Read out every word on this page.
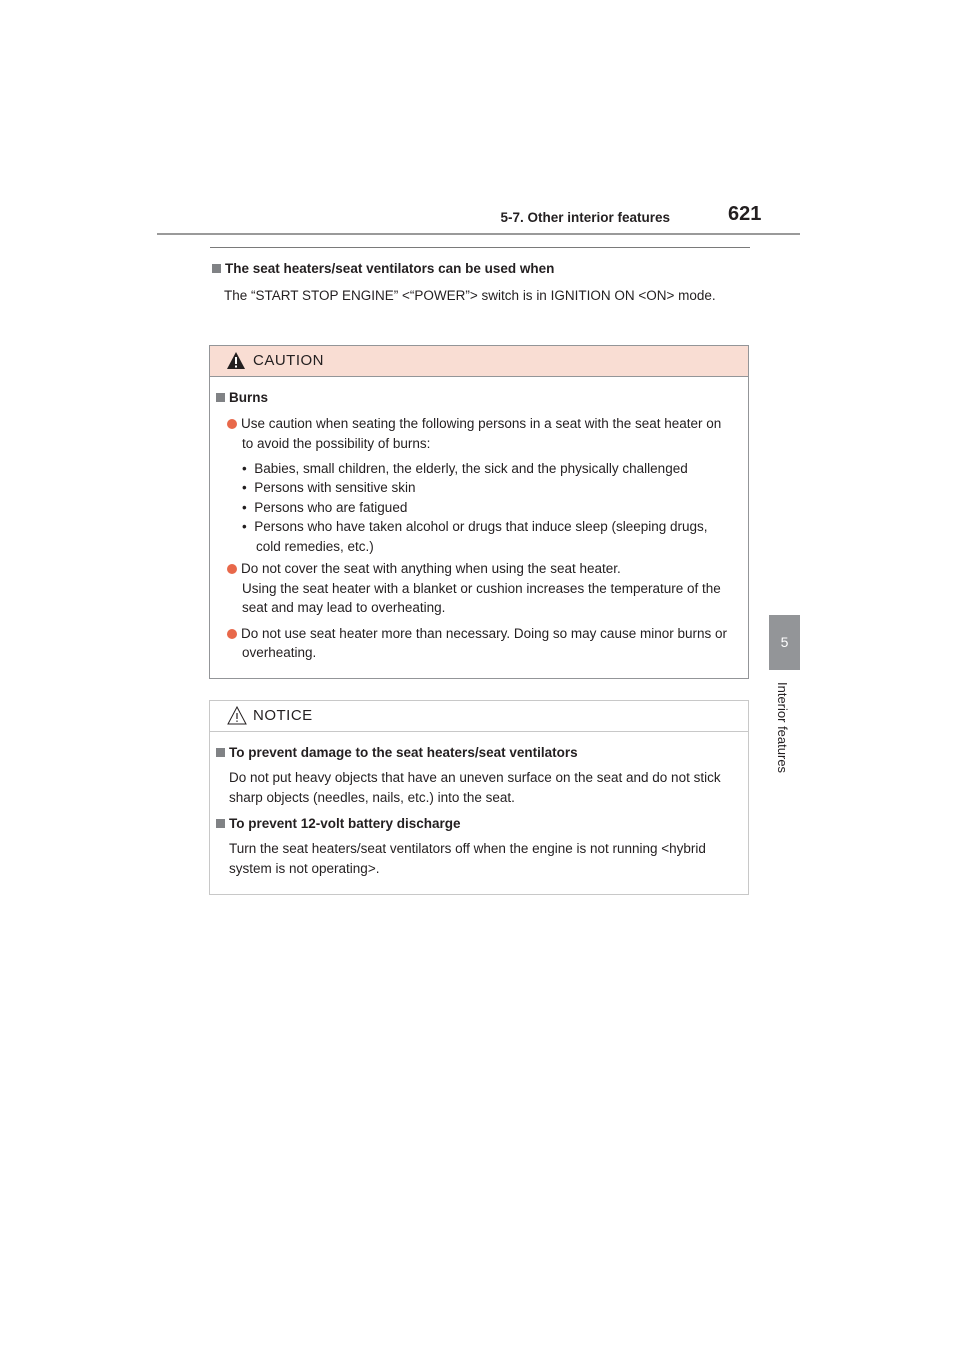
5-7. Other interior features	621
5
Interior features
The seat heaters/seat ventilators can be used when
The “START STOP ENGINE” <“POWER”> switch is in IGNITION ON <ON> mode.
CAUTION
Burns
Use caution when seating the following persons in a seat with the seat heater on
to avoid the possibility of burns:
•  Babies, small children, the elderly, the sick and the physically challenged
•  Persons with sensitive skin
•  Persons who are fatigued
•  Persons who have taken alcohol or drugs that induce sleep (sleeping drugs,
cold remedies, etc.)
Do not cover the seat with anything when using the seat heater.
Using the seat heater with a blanket or cushion increases the temperature of the
seat and may lead to overheating.
Do not use seat heater more than necessary. Doing so may cause minor burns or
overheating.
NOTICE
To prevent damage to the seat heaters/seat ventilators
Do not put heavy objects that have an uneven surface on the seat and do not stick
sharp objects (needles, nails, etc.) into the seat.
To prevent 12-volt battery discharge
Turn the seat heaters/seat ventilators off when the engine is not running <hybrid
system is not operating>.
